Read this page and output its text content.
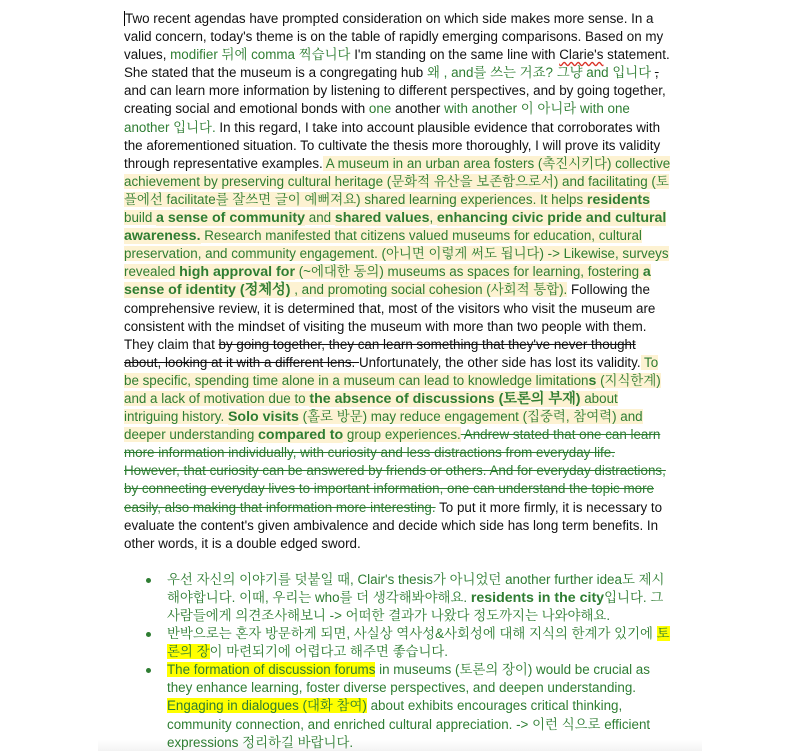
Two recent agendas have prompted consideration on which side makes more sense. In a valid concern, today's theme is on the table of rapidly emerging comparisons. Based on my values, modifier 뒤에 comma 찍습니다 I'm standing on the same line with Clarie's statement. She stated that the museum is a congregating hub 왜 , and를 쓰는 거죠? 그냥 and 입니다 , and can learn more information by listening to different perspectives, and by going together, creating social and emotional bonds with one another with another 이 아니라 with one another 입니다. In this regard, I take into account plausible evidence that corroborates with the aforementioned situation. To cultivate the thesis more thoroughly, I will prove its validity through representative examples. A museum in an urban area fosters (촉진시키다) collective achievement by preserving cultural heritage (문화적 유산을 보존함으로서) and facilitating (토플에선 facilitate를 잘쓰면 글이 예뻐져요) shared learning experiences. It helps residents build a sense of community and shared values, enhancing civic pride and cultural awareness. Research manifested that citizens valued museums for education, cultural preservation, and community engagement. (아니면 이렇게 써도 됩니다) -> Likewise, surveys revealed high approval for (~에대한 동의) museums as spaces for learning, fostering a sense of identity (정체성) , and promoting social cohesion (사회적 통합). Following the comprehensive review, it is determined that, most of the visitors who visit the museum are consistent with the mindset of visiting the museum with more than two people with them. They claim that by going together, they can learn something that they've never thought about, looking at it with a different lens. Unfortunately, the other side has lost its validity. To be specific, spending time alone in a museum can lead to knowledge limitations (지식한계) and a lack of motivation due to the absence of discussions (토론의 부재) about intriguing history. Solo visits (홀로 방문) may reduce engagement (집중력, 참여력) and deeper understanding compared to group experiences. Andrew stated that one can learn more information individually, with curiosity and less distractions from everyday life. However, that curiosity can be answered by friends or others. And for everyday distractions, by connecting everyday lives to important information, one can understand the topic more easily, also making that information more interesting. To put it more firmly, it is necessary to evaluate the content's given ambivalence and decide which side has long term benefits. In other words, it is a double edged sword.

우선 자신의 이야기를 덧붙일 때, Clair's thesis가 아니었던 another further idea도 제시해야합니다. 이때, 우리는 who를 더 생각해봐야해요. residents in the city입니다. 그 사람들에게 의견조사해보니 -> 어떠한 결과가 나왔다 정도까지는 나와야해요.
반박으로는 혼자 방문하게 되면, 사실상 역사성&사회성에 대해 지식의 한계가 있기에 토론의 장이 마련되기에 어렵다고 해주면 좋습니다.
The formation of discussion forums in museums (토론의 장이) would be crucial as they enhance learning, foster diverse perspectives, and deepen understanding. Engaging in dialogues (대화 참여) about exhibits encourages critical thinking, community connection, and enriched cultural appreciation. -> 이런 식으로 efficient expressions 정리하길 바랍니다.
